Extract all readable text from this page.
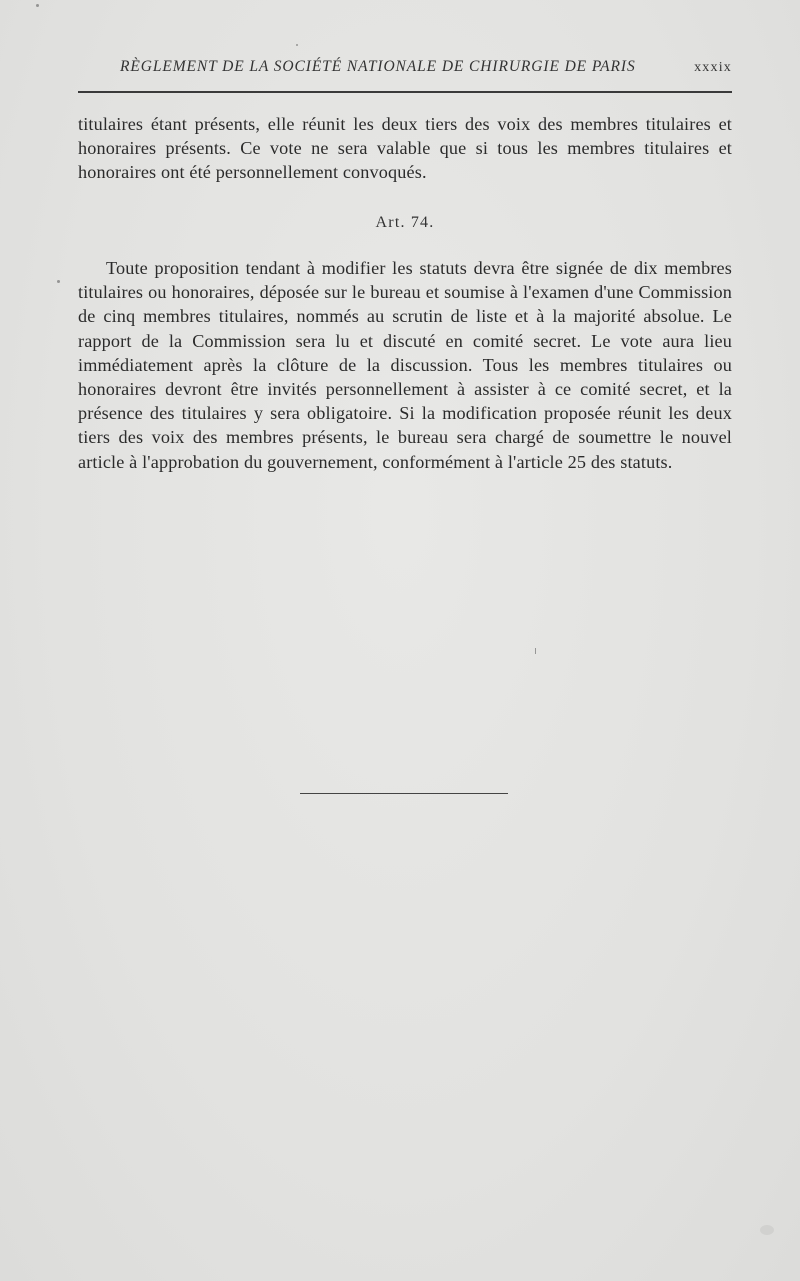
RÈGLEMENT DE LA SOCIÉTÉ NATIONALE DE CHIRURGIE DE PARIS	xxxix

titulaires étant présents, elle réunit les deux tiers des voix des membres titulaires et honoraires présents. Ce vote ne sera valable que si tous les membres titulaires et honoraires ont été personnellement convoqués.

Art. 74.

Toute proposition tendant à modifier les statuts devra être signée de dix membres titulaires ou honoraires, déposée sur le bureau et soumise à l'examen d'une Commission de cinq membres titulaires, nommés au scrutin de liste et à la majorité absolue. Le rapport de la Commission sera lu et discuté en comité secret. Le vote aura lieu immédiatement après la clôture de la discussion. Tous les membres titulaires ou honoraires devront être invités personnellement à assister à ce comité secret, et la présence des titulaires y sera obligatoire. Si la modification proposée réunit les deux tiers des voix des membres présents, le bureau sera chargé de soumettre le nouvel article à l'approbation du gouvernement, conformément à l'article 25 des statuts.
